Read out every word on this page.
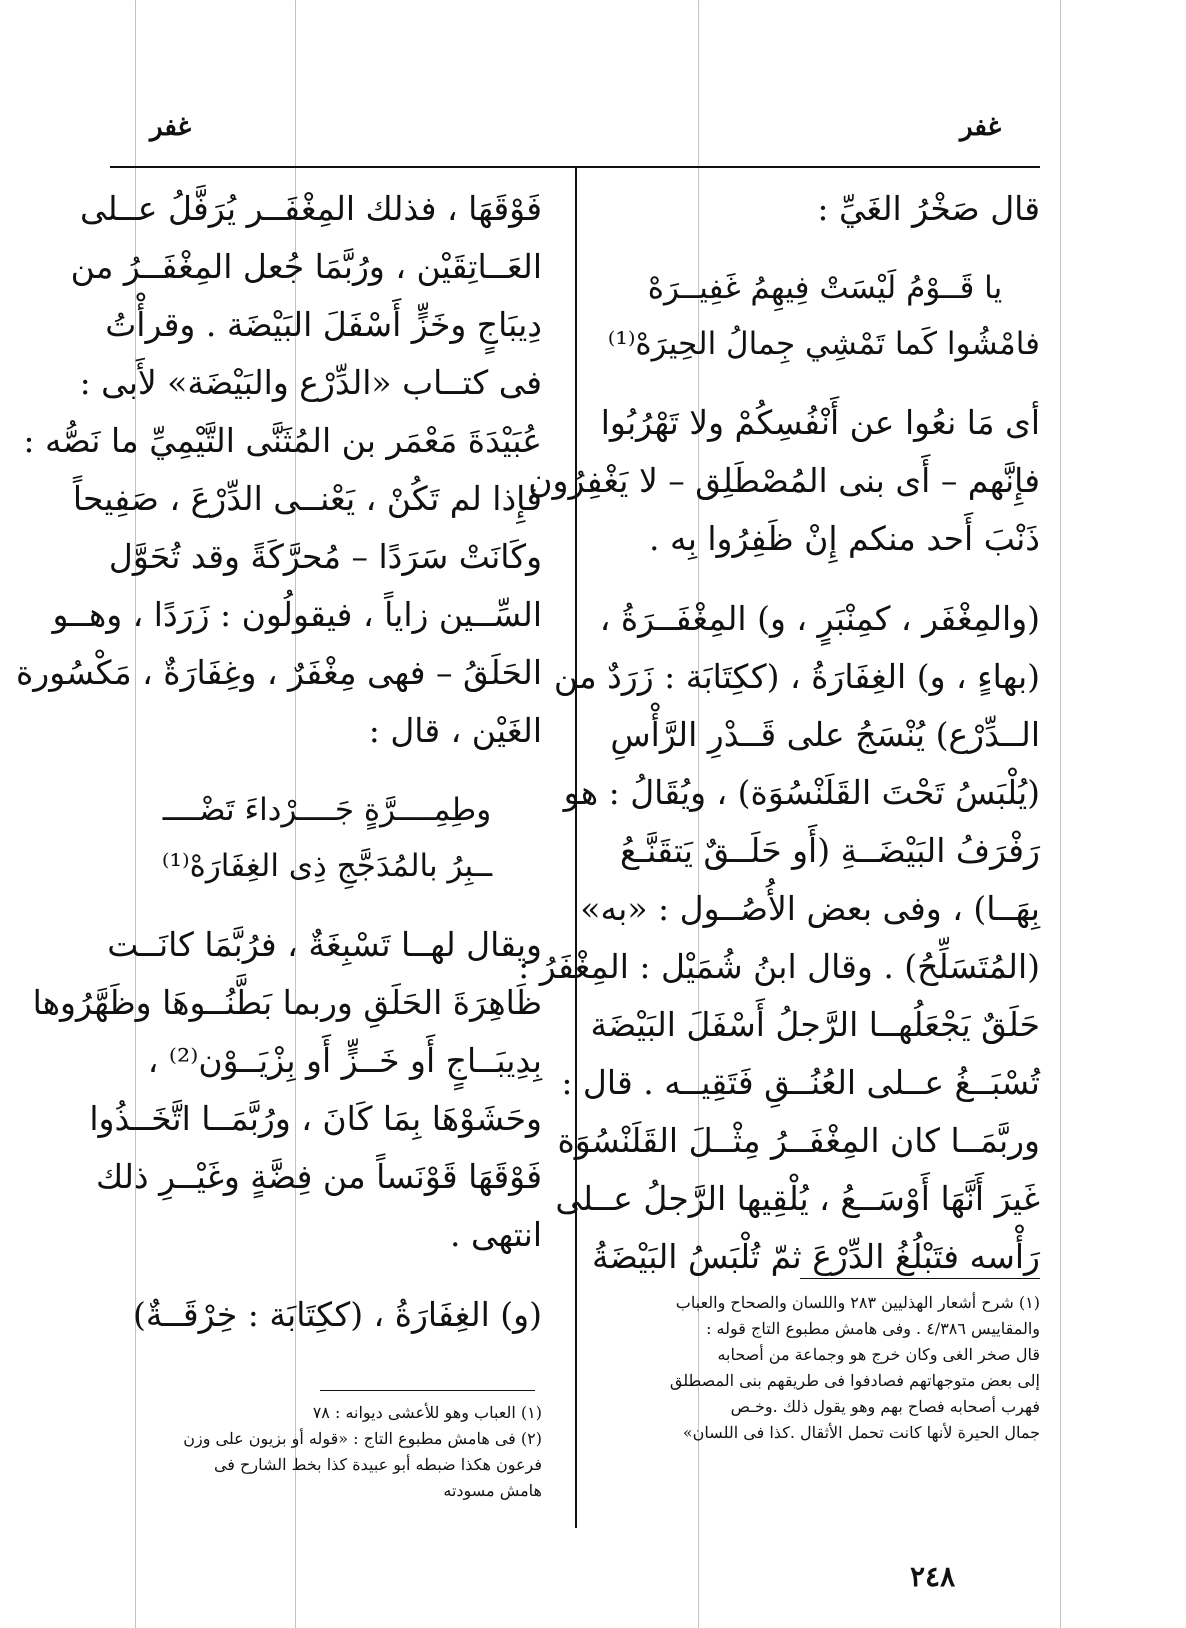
غفر	غفر
قال صَخْرُ الغَيِّ :
يا قَــوْمُ لَيْسَتْ فِيهِمُ غَفِيــرَهْ
فامْشُوا كَما تَمْشِي جِمالُ الحِيرَهْ⁽¹⁾
أى مَا نعُوا عن أَنْفُسِكُمْ ولا تَهْرُبُوا
فإِنَّهم – أَى بنى المُصْطَلِق – لا يَغْفِرُون
ذَنْبَ أَحد منكم إِنْ ظَفِرُوا بِه .
(والمِغْفَر ، كمِنْبَرٍ ، و) المِغْفَــرَةُ ،
(بهاءٍ ، و) الغِفَارَةُ ، (ككِتَابَة : زَرَدٌ من
الــدِّرْع) يُنْسَجُ على قَــدْرِ الرَّأْسِ
(يُلْبَسُ تَحْتَ القَلَنْسُوَة) ، ويُقَالُ : هو
رَفْرَفُ البَيْضَــةِ (أَو حَلَــقٌ يَتقَنَّـعُ
بِهَــا) ، وفى بعض الأُصُــول : «به»
(المُتَسَلِّحُ) . وقال ابنُ شُمَيْل : المِغْفَرُ :
حَلَقٌ يَجْعَلُهــا الرَّجلُ أَسْفَلَ البَيْضَة
تُسْبَــغُ عــلى العُنُــقِ فَتَقِيــه . قال :
وربَّمَــا كان المِغْفَــرُ مِثْــلَ القَلَنْسُوَة
غَيرَ أَنَّهَا أَوْسَــعُ ، يُلْقِيها الرَّجلُ عــلى
رَأْسه فتَبْلُغُ الدِّرْعَ ثمّ تُلْبَسُ البَيْضَةُ
(١) شرح أشعار الهذليين ٢٨٣ واللسان والصحاح والعباب
والمقاييس ٤/٣٨٦ . وفى هامش مطبوع التاج قوله :
قال صخر الغى وكان خرج هو وجماعة من أصحابه
إلى بعض متوجهاتهم فصادفوا فى طريقهم بنى المصطلق
فهرب أصحابه فصاح بهم وهو يقول ذلك .وخـص
جمال الحيرة لأنها كانت تحمل الأثقال .كذا فى اللسان»
فَوْقَهَا ، فذلك المِغْفَــر يُرَفَّلُ عــلى
العَــاتِقَيْن ، ورُبَّمَا جُعل المِغْفَــرُ من
دِيبَاجٍ وخَزٍّ أَسْفَلَ البَيْضَة . وقرأْتُ
فى كتــاب «الدِّرْع والبَيْضَة» لأَبى :
عُبَيْدَةَ مَعْمَر بن المُثَنَّى التَّيْمِيِّ ما نَصُّه :
فإِذا لم تَكُنْ ، يَعْنــى الدِّرْعَ ، صَفِيحاً
وكَانَتْ سَرَدًا – مُحرَّكَةً وقد تُحَوَّل
السِّــين زاياً ، فيقولُون : زَرَدًا ، وهــو
الحَلَقُ – فهى مِغْفَرٌ ، وغِفَارَةٌ ، مَكْسُورة
الغَيْن ، قال :
وطِمِــــرَّةٍ جَــــرْداءَ تَضْــــ
ــبِرُ بالمُدَجَّجِ ذِى الغِفَارَهْ⁽¹⁾
ويقال لهــا تَسْبِغَةٌ ، فرُبَّمَا كانَــت
ظَاهِرَةَ الحَلَقِ وربما بَطَّنُــوهَا وظَهَّرُوها
بِدِيبَــاجٍ أَو خَــزٍّ أَو بِزْيَــوْن⁽²⁾ ،
وحَشَوْهَا بِمَا كَانَ ، ورُبَّمَــا اتَّخَــذُوا
فَوْقَهَا قَوْنَساً من فِضَّةٍ وغَيْــرِ ذلك
انتهى .
(و) الغِفَارَةُ ، (ككِتَابَة : خِرْقَــةٌ)
(١) العباب وهو للأعشى ديوانه : ٧٨
(٢) فى هامش مطبوع التاج : «قوله أو بزيون على وزن
فرعون هكذا ضبطه أبو عبيدة كذا بخط الشارح فى
هامش مسودته
٢٤٨
